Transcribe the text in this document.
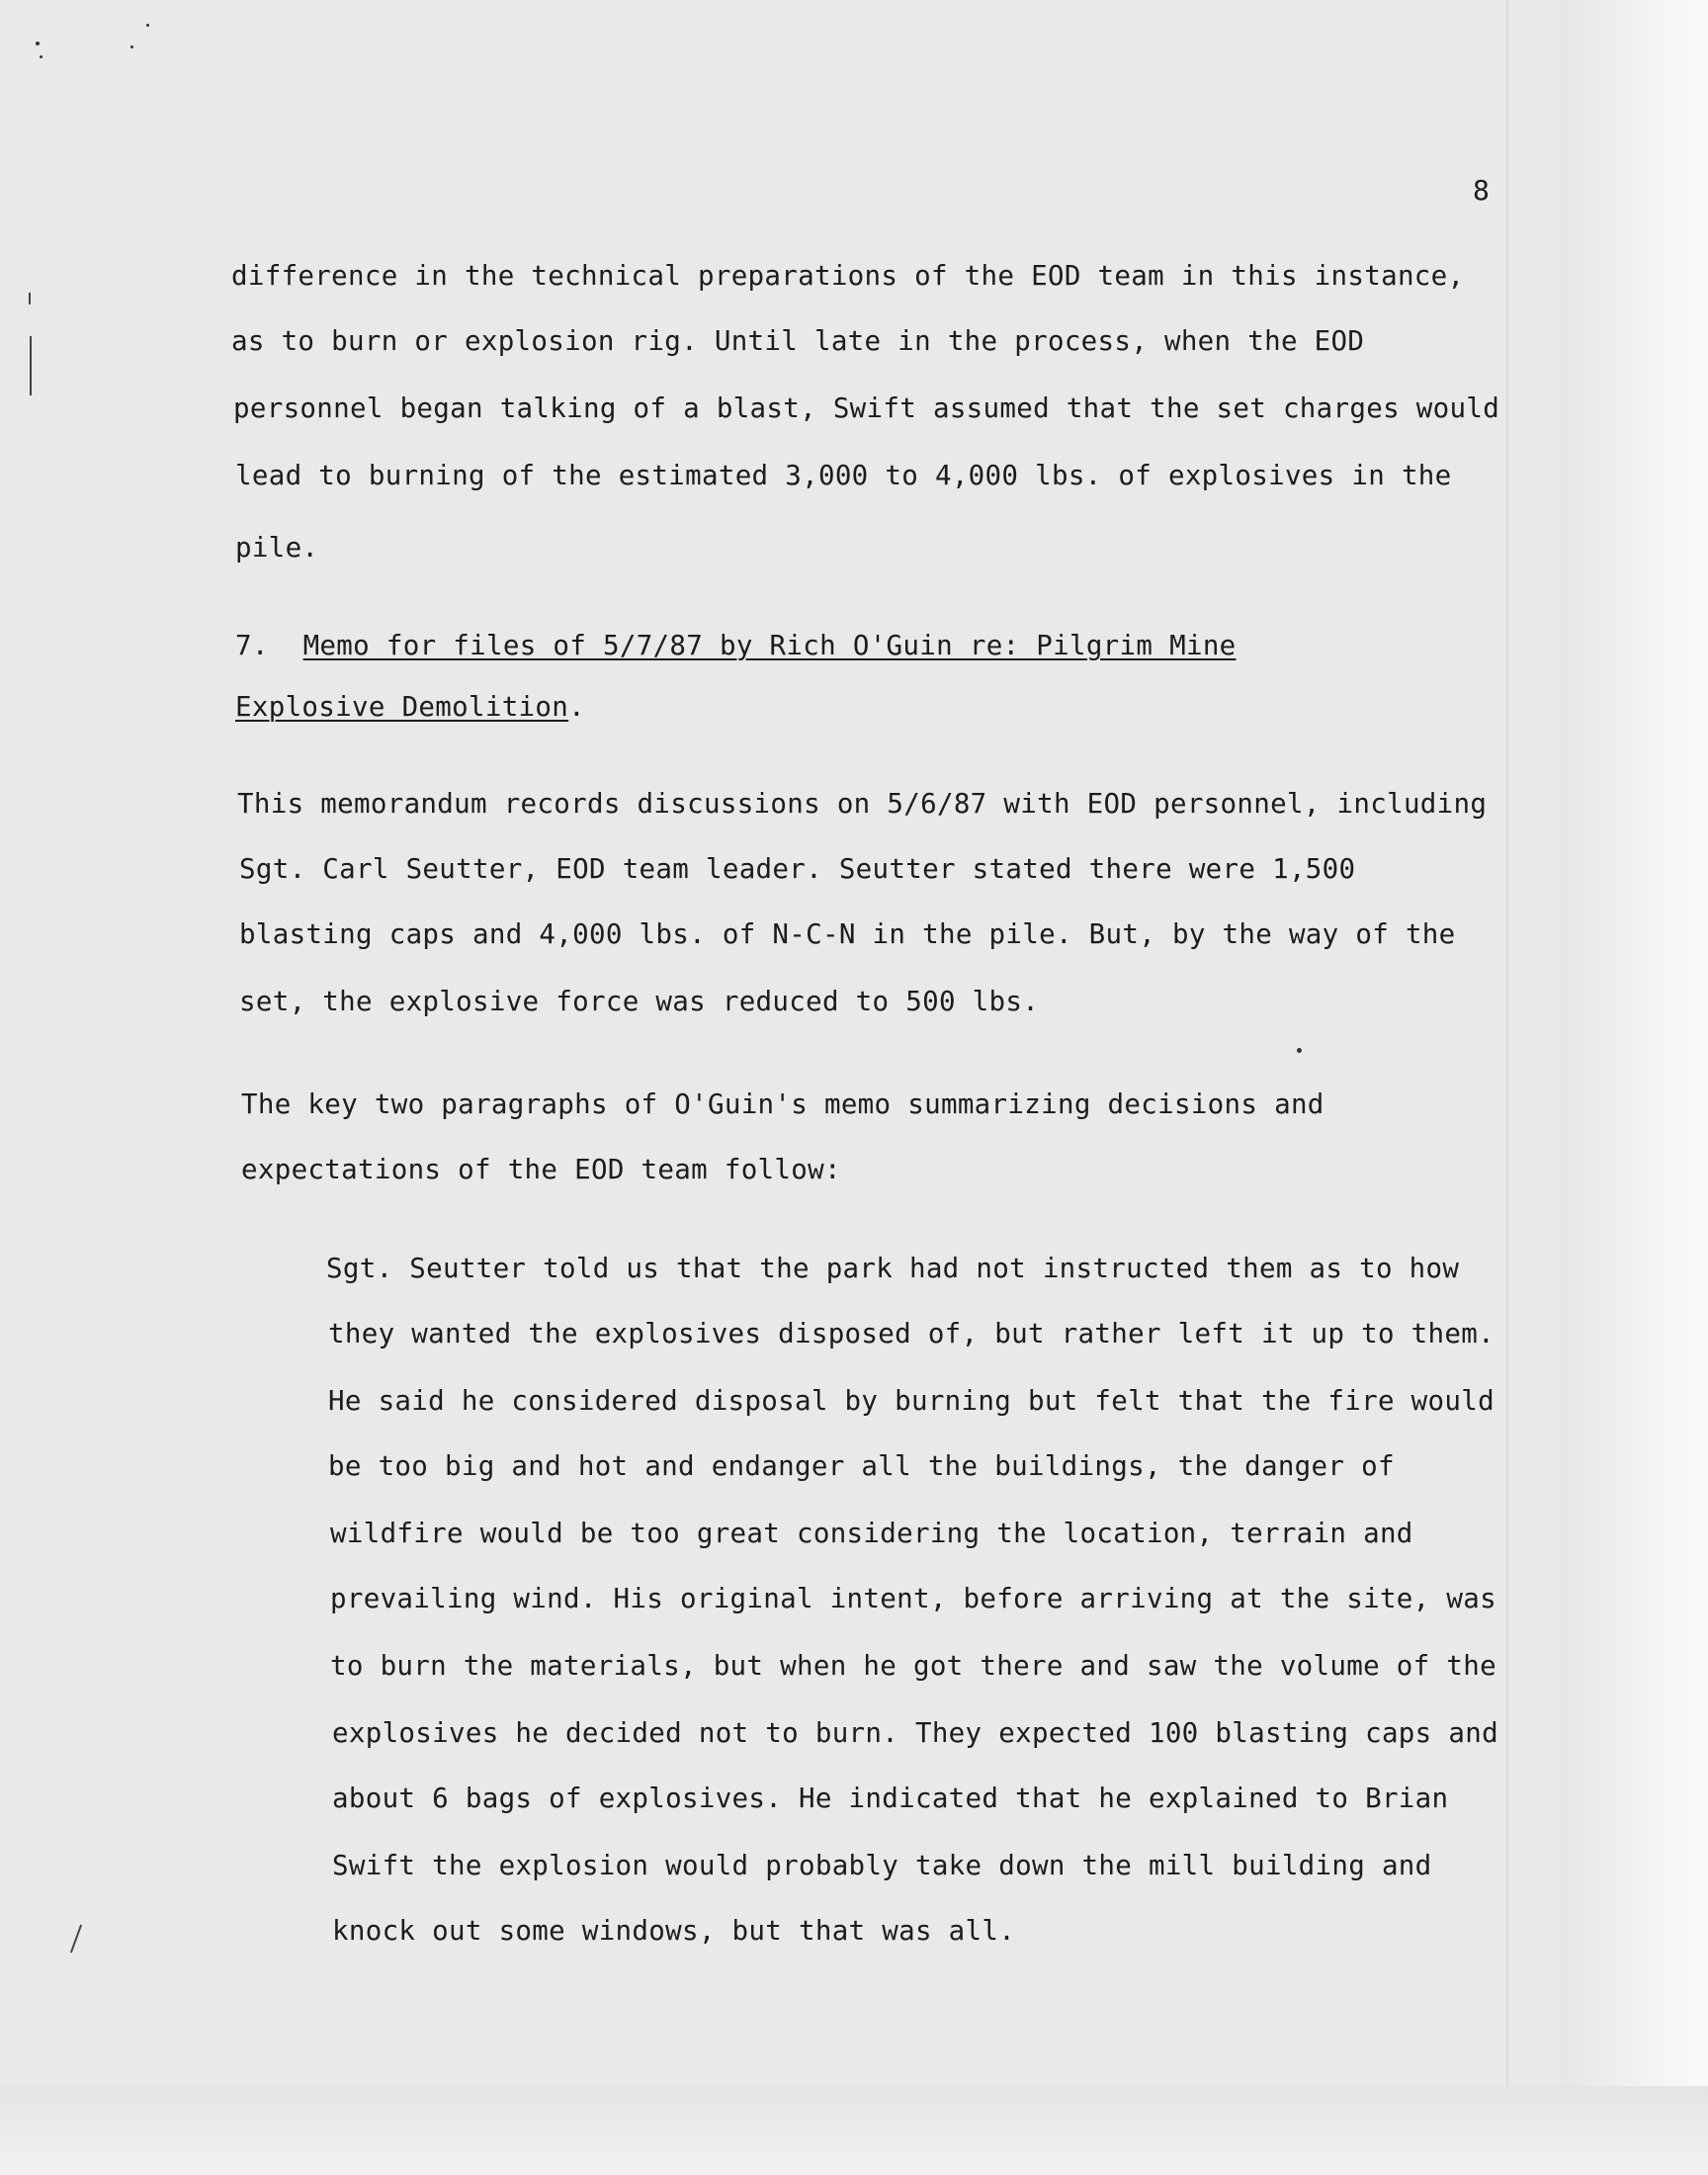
8

difference in the technical preparations of the EOD team in this instance,

as to burn or explosion rig. Until late in the process, when the EOD

personnel began talking of a blast, Swift assumed that the set charges would

lead to burning of the estimated 3,000 to 4,000 lbs. of explosives in the

pile.

7. Memo for files of 5/7/87 by Rich O'Guin re: Pilgrim Mine

Explosive Demolition.

This memorandum records discussions on 5/6/87 with EOD personnel, including

Sgt. Carl Seutter, EOD team leader. Seutter stated there were 1,500

blasting caps and 4,000 lbs. of N-C-N in the pile. But, by the way of the

set, the explosive force was reduced to 500 lbs.

The key two paragraphs of O'Guin's memo summarizing decisions and

expectations of the EOD team follow:

Sgt. Seutter told us that the park had not instructed them as to how

they wanted the explosives disposed of, but rather left it up to them.

He said he considered disposal by burning but felt that the fire would

be too big and hot and endanger all the buildings, the danger of

wildfire would be too great considering the location, terrain and

prevailing wind. His original intent, before arriving at the site, was

to burn the materials, but when he got there and saw the volume of the

explosives he decided not to burn. They expected 100 blasting caps and

about 6 bags of explosives. He indicated that he explained to Brian

Swift the explosion would probably take down the mill building and

knock out some windows, but that was all.
